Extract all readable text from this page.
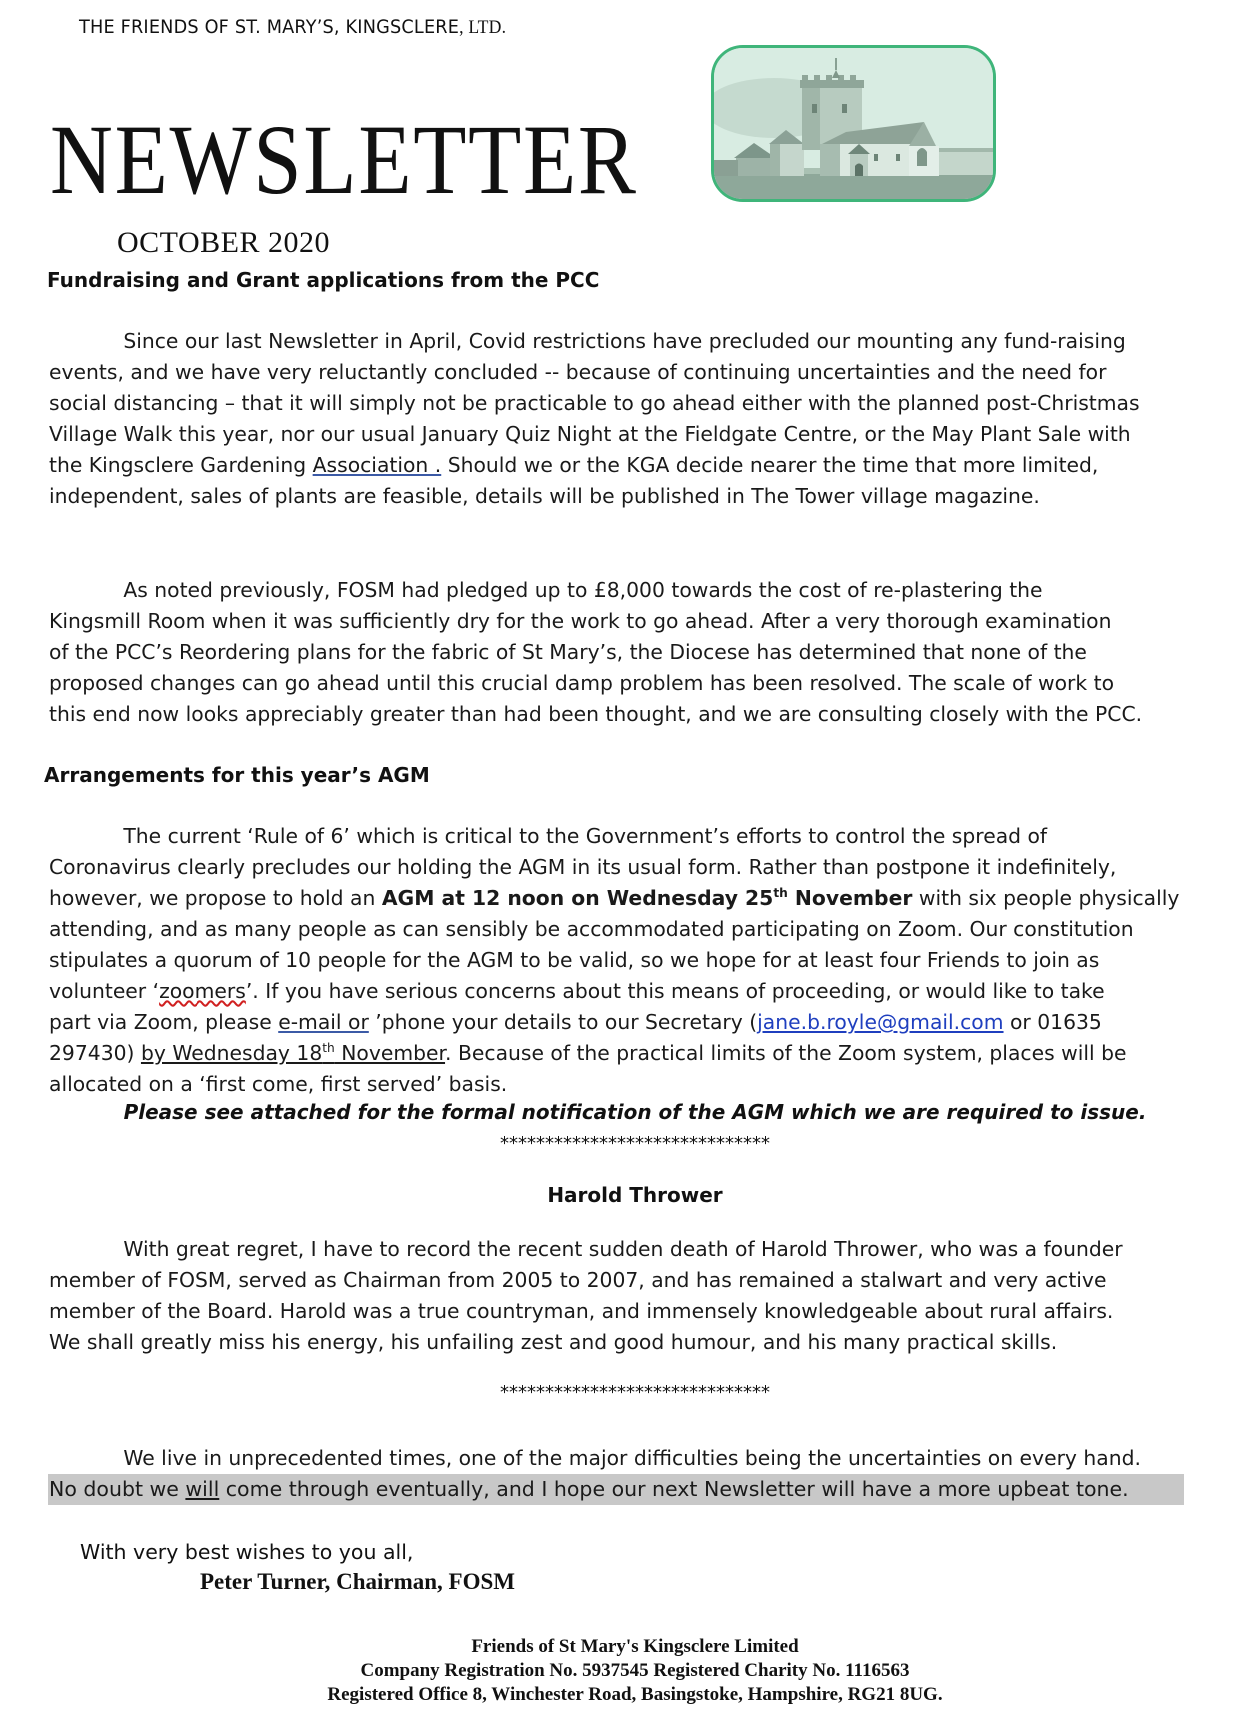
THE FRIENDS OF ST. MARY’S, KINGSCLERE, LTD.
NEWSLETTER
OCTOBER 2020
Fundraising and Grant applications from the PCC
Since our last Newsletter in April, Covid restrictions have precluded our mounting any fund-raising
events, and we have very reluctantly concluded -- because of continuing uncertainties and the need for
social distancing – that it will simply not be practicable to go ahead either with the planned post-Christmas
Village Walk this year, nor our usual January Quiz Night at the Fieldgate Centre, or the May Plant Sale with
the Kingsclere Gardening Association . Should we or the KGA decide nearer the time that more limited,
independent, sales of plants are feasible, details will be published in The Tower village magazine.
As noted previously, FOSM had pledged up to £8,000 towards the cost of re-plastering the
Kingsmill Room when it was sufficiently dry for the work to go ahead. After a very thorough examination
of the PCC’s Reordering plans for the fabric of St Mary’s, the Diocese has determined that none of the
proposed changes can go ahead until this crucial damp problem has been resolved. The scale of work to
this end now looks appreciably greater than had been thought, and we are consulting closely with the PCC.
Arrangements for this year’s AGM
The current ‘Rule of 6’ which is critical to the Government’s efforts to control the spread of
Coronavirus clearly precludes our holding the AGM in its usual form. Rather than postpone it indefinitely,
however, we propose to hold an AGM at 12 noon on Wednesday 25th November with six people physically
attending, and as many people as can sensibly be accommodated participating on Zoom. Our constitution
stipulates a quorum of 10 people for the AGM to be valid, so we hope for at least four Friends to join as
volunteer ‘zoomers’. If you have serious concerns about this means of proceeding, or would like to take
part via Zoom, please e-mail or ’phone your details to our Secretary (jane.b.royle@gmail.com or 01635
297430) by Wednesday 18th November. Because of the practical limits of the Zoom system, places will be
allocated on a ‘first come, first served’ basis.
Please see attached for the formal notification of the AGM which we are required to issue.
******************************
Harold Thrower
With great regret, I have to record the recent sudden death of Harold Thrower, who was a founder
member of FOSM, served as Chairman from 2005 to 2007, and has remained a stalwart and very active
member of the Board. Harold was a true countryman, and immensely knowledgeable about rural affairs.
We shall greatly miss his energy, his unfailing zest and good humour, and his many practical skills.
******************************
We live in unprecedented times, one of the major difficulties being the uncertainties on every hand.
No doubt we will come through eventually, and I hope our next Newsletter will have a more upbeat tone.
With very best wishes to you all,
Peter Turner, Chairman, FOSM
Friends of St Mary's Kingsclere Limited
Company Registration No. 5937545 Registered Charity No. 1116563
Registered Office 8, Winchester Road, Basingstoke, Hampshire, RG21 8UG.
